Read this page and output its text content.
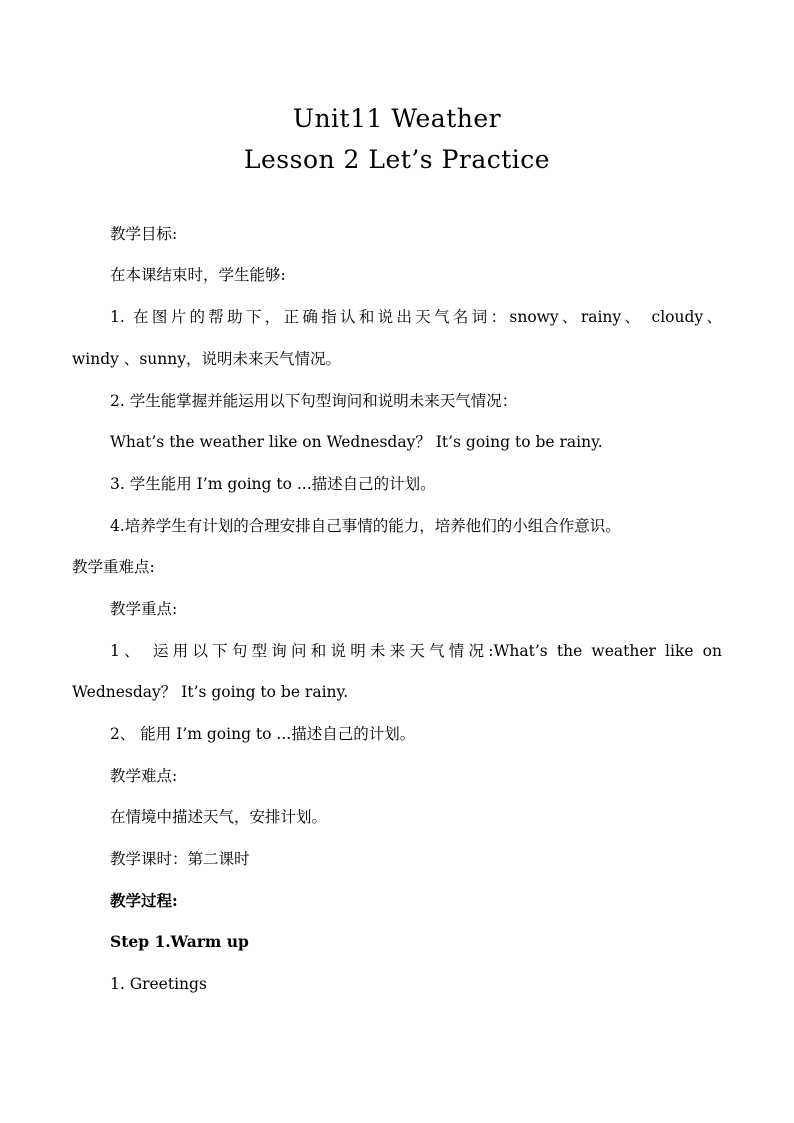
Unit11 Weather
Lesson 2 Let’s Practice
教学目标:
在本课结束时，学生能够:
1. 在图片的帮助下，正确指认和说出天气名词：snowy、rainy、 cloudy、
windy 、sunny，说明未来天气情况。
2. 学生能掌握并能运用以下句型询问和说明未来天气情况：
What’s the weather like on Wednesday？ It’s going to be rainy.
3. 学生能用 I’m going to ...描述自己的计划。
4.培养学生有计划的合理安排自己事情的能力，培养他们的小组合作意识。
教学重难点:
教学重点:
1、 运用以下句型询问和说明未来天气情况:What’s the weather like on
Wednesday？ It’s going to be rainy.
2、 能用 I’m going to ...描述自己的计划。
教学难点:
在情境中描述天气，安排计划。
教学课时：第二课时
教学过程:
Step 1.Warm up
1. Greetings
